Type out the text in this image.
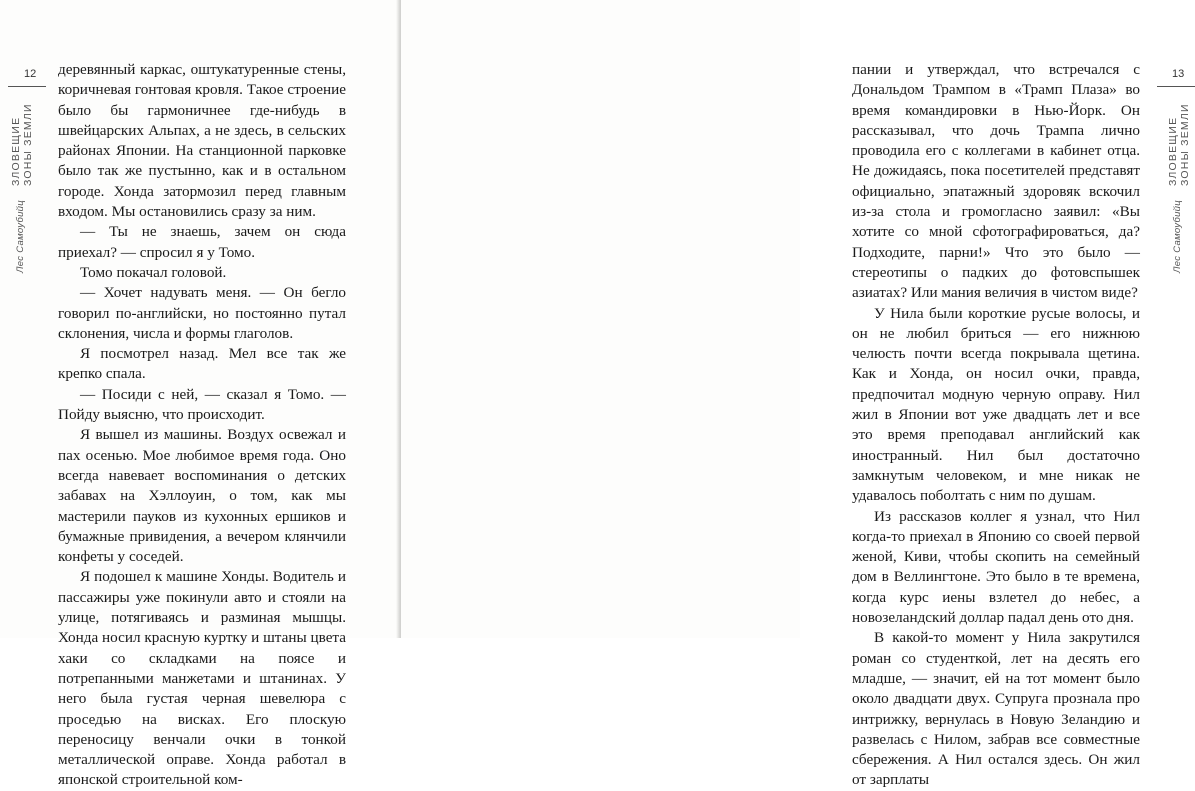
12
ЗЛОВЕЩИЕ ЗОНЫ ЗЕМЛИ
Лес Самоубийц

деревянный каркас, оштукатуренные стены, коричневая гонтовая кровля. Такое строение было бы гармоничнее где-нибудь в швейцарских Альпах, а не здесь, в сельских районах Японии. На станционной парковке было так же пустынно, как и в остальном городе. Хонда затормозил перед главным входом. Мы остановились сразу за ним.

— Ты не знаешь, зачем он сюда приехал? — спросил я у Томо.

Томо покачал головой.

— Хочет надувать меня. — Он бегло говорил по-английски, но постоянно путал склонения, числа и формы глаголов.

Я посмотрел назад. Мел все так же крепко спала.

— Посиди с ней, — сказал я Томо. — Пойду выясню, что происходит.

Я вышел из машины. Воздух освежал и пах осенью. Мое любимое время года. Оно всегда навевает воспоминания о детских забавах на Хэллоуин, о том, как мы мастерили пауков из кухонных ершиков и бумажные привидения, а вечером клянчили конфеты у соседей.

Я подошел к машине Хонды. Водитель и пассажиры уже покинули авто и стояли на улице, потягиваясь и разминая мышцы. Хонда носил красную куртку и штаны цвета хаки со складками на поясе и потрепанными манжетами и штанинах. У него была густая черная шевелюра с проседью на висках. Его плоскую переносицу венчали очки в тонкой металлической оправе. Хонда работал в японской строительной ком-

13
ЗЛОВЕЩИЕ ЗОНЫ ЗЕМЛИ
Лес Самоубийц

пании и утверждал, что встречался с Дональдом Трампом в «Трамп Плаза» во время командировки в Нью-Йорк. Он рассказывал, что дочь Трампа лично проводила его с коллегами в кабинет отца. Не дожидаясь, пока посетителей представят официально, эпатажный здоровяк вскочил из-за стола и громогласно заявил: «Вы хотите со мной сфотографироваться, да? Подходите, парни!» Что это было — стереотипы о падких до фотовспышек азиатах? Или мания величия в чистом виде?

У Нила были короткие русые волосы, и он не любил бриться — его нижнюю челюсть почти всегда покрывала щетина. Как и Хонда, он носил очки, правда, предпочитал модную черную оправу. Нил жил в Японии вот уже двадцать лет и все это время преподавал английский как иностранный. Нил был достаточно замкнутым человеком, и мне никак не удавалось поболтать с ним по душам.

Из рассказов коллег я узнал, что Нил когда-то приехал в Японию со своей первой женой, Киви, чтобы скопить на семейный дом в Веллингтоне. Это было в те времена, когда курс иены взлетел до небес, а новозеландский доллар падал день ото дня.

В какой-то момент у Нила закрутился роман со студенткой, лет на десять его младше, — значит, ей на тот момент было около двадцати двух. Супруга прознала про интрижку, вернулась в Новую Зеландию и развелась с Нилом, забрав все совместные сбережения. А Нил остался здесь. Он жил от зарплаты
